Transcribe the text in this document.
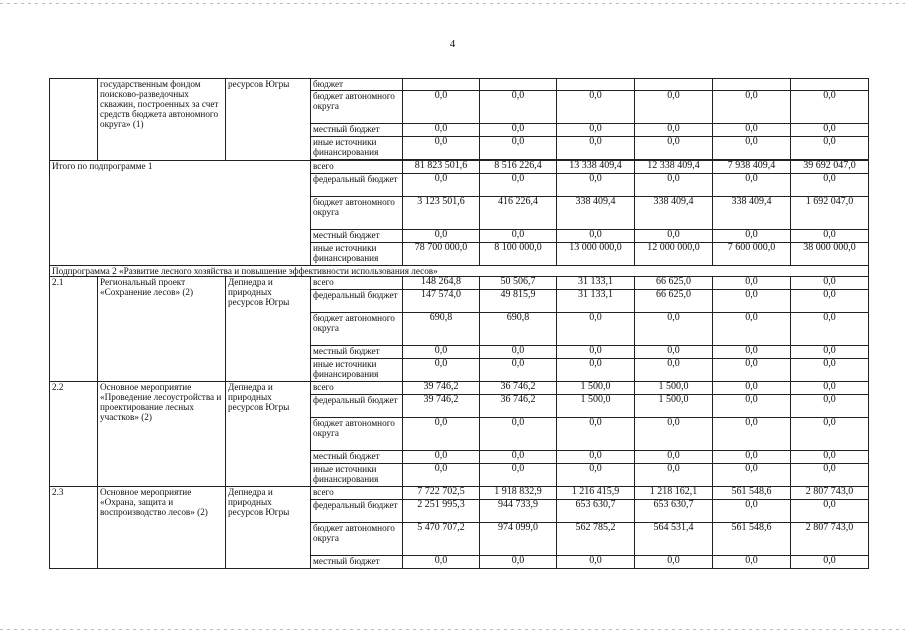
4
	государственным фондом поисково-разведочных скважин, построенных за счет средств бюджета автономного округа» (1)	ресурсов Югры	бюджет						
			бюджет автономного округа	0,0	0,0	0,0	0,0	0,0	0,0
			местный бюджет	0,0	0,0	0,0	0,0	0,0	0,0
			иные источники финансирования	0,0	0,0	0,0	0,0	0,0	0,0

Итого по подпрограмме 1			всего	81 823 501,6	8 516 226,4	13 338 409,4	12 338 409,4	7 938 409,4	39 692 047,0
			федеральный бюджет	0,0	0,0	0,0	0,0	0,0	0,0
			бюджет автономного округа	3 123 501,6	416 226,4	338 409,4	338 409,4	338 409,4	1 692 047,0
			местный бюджет	0,0	0,0	0,0	0,0	0,0	0,0
			иные источники финансирования	78 700 000,0	8 100 000,0	13 000 000,0	12 000 000,0	7 600 000,0	38 000 000,0
Подпрограмма 2 «Развитие лесного хозяйства и повышение эффективности использования лесов»									
2.1	Региональный проект «Сохранение лесов» (2)	Депнедра и природных ресурсов Югры	всего	148 264,8	50 506,7	31 133,1	66 625,0	0,0	0,0
			федеральный бюджет	147 574,0	49 815,9	31 133,1	66 625,0	0,0	0,0
			бюджет автономного округа	690,8	690,8	0,0	0,0	0,0	0,0
			местный бюджет	0,0	0,0	0,0	0,0	0,0	0,0
			иные источники финансирования	0,0	0,0	0,0	0,0	0,0	0,0
2.2	Основное мероприятие «Проведение лесоустройства и проектирование лесных участков» (2)	Депнедра и природных ресурсов Югры	всего	39 746,2	36 746,2	1 500,0	1 500,0	0,0	0,0
			федеральный бюджет	39 746,2	36 746,2	1 500,0	1 500,0	0,0	0,0
			бюджет автономного округа	0,0	0,0	0,0	0,0	0,0	0,0
			местный бюджет	0,0	0,0	0,0	0,0	0,0	0,0
			иные источники финансирования	0,0	0,0	0,0	0,0	0,0	0,0
2.3	Основное мероприятие «Охрана, защита и воспроизводство лесов» (2)	Депнедра и природных ресурсов Югры	всего	7 722 702,5	1 918 832,9	1 216 415,9	1 218 162,1	561 548,6	2 807 743,0
			федеральный бюджет	2 251 995,3	944 733,9	653 630,7	653 630,7	0,0	0,0
			бюджет автономного округа	5 470 707,2	974 099,0	562 785,2	564 531,4	561 548,6	2 807 743,0
			местный бюджет	0,0	0,0	0,0	0,0	0,0	0,0
